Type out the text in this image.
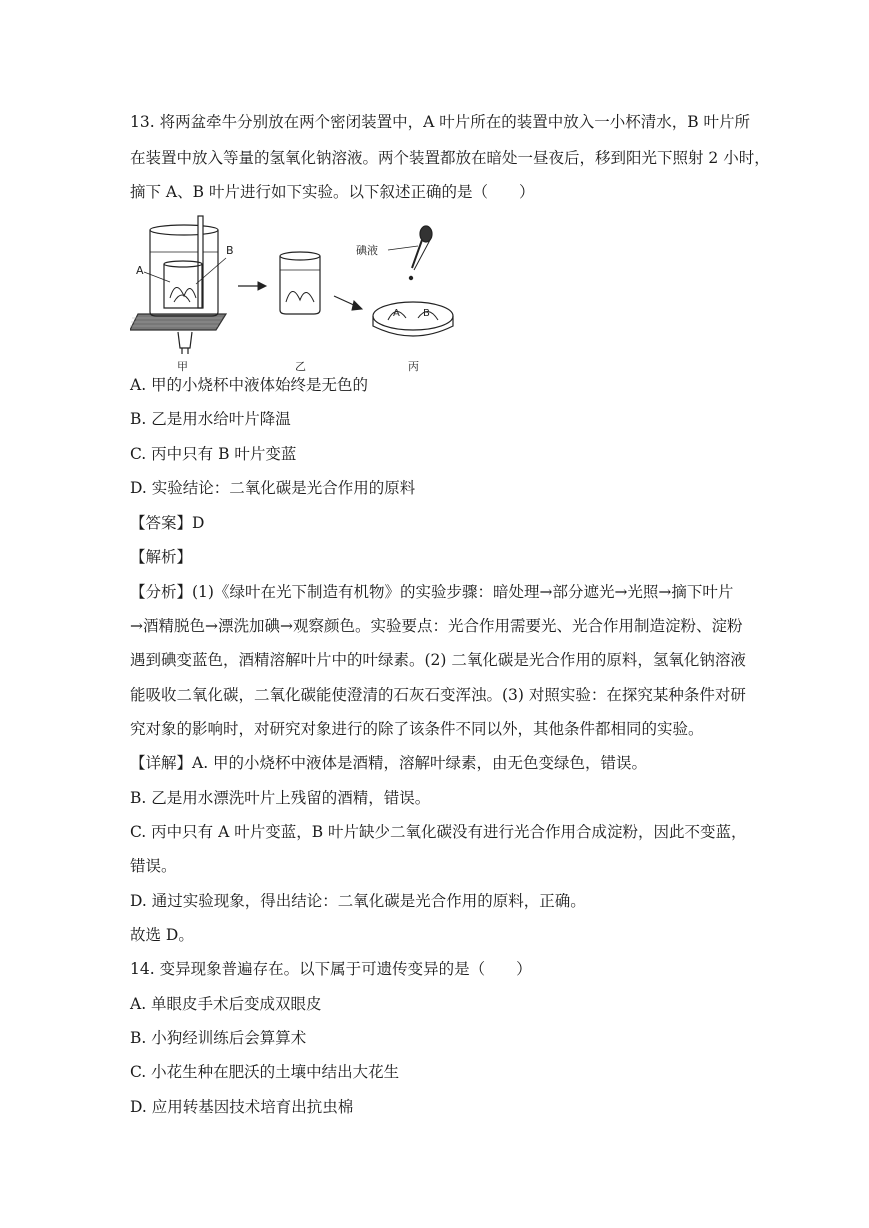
13. 将两盆牵牛分别放在两个密闭装置中，A 叶片所在的装置中放入一小杯清水，B 叶片所
在装置中放入等量的氢氧化钠溶液。两个装置都放在暗处一昼夜后，移到阳光下照射 2 小时，
摘下 A、B 叶片进行如下实验。以下叙述正确的是（　　）
A
B
甲	乙
碘液
A B
丙
A. 甲的小烧杯中液体始终是无色的
B. 乙是用水给叶片降温
C. 丙中只有 B 叶片变蓝
D. 实验结论：二氧化碳是光合作用的原料
【答案】D
【解析】
【分析】(1)《绿叶在光下制造有机物》的实验步骤：暗处理→部分遮光→光照→摘下叶片
→酒精脱色→漂洗加碘→观察颜色。实验要点：光合作用需要光、光合作用制造淀粉、淀粉
遇到碘变蓝色，酒精溶解叶片中的叶绿素。(2) 二氧化碳是光合作用的原料，氢氧化钠溶液
能吸收二氧化碳，二氧化碳能使澄清的石灰石变浑浊。(3) 对照实验：在探究某种条件对研
究对象的影响时，对研究对象进行的除了该条件不同以外，其他条件都相同的实验。
【详解】A. 甲的小烧杯中液体是酒精，溶解叶绿素，由无色变绿色，错误。
B. 乙是用水漂洗叶片上残留的酒精，错误。
C. 丙中只有 A 叶片变蓝，B 叶片缺少二氧化碳没有进行光合作用合成淀粉，因此不变蓝，
错误。
D. 通过实验现象，得出结论：二氧化碳是光合作用的原料，正确。
故选 D。
14. 变异现象普遍存在。以下属于可遗传变异的是（　　）
A. 单眼皮手术后变成双眼皮
B. 小狗经训练后会算算术
C. 小花生种在肥沃的土壤中结出大花生
D. 应用转基因技术培育出抗虫棉
